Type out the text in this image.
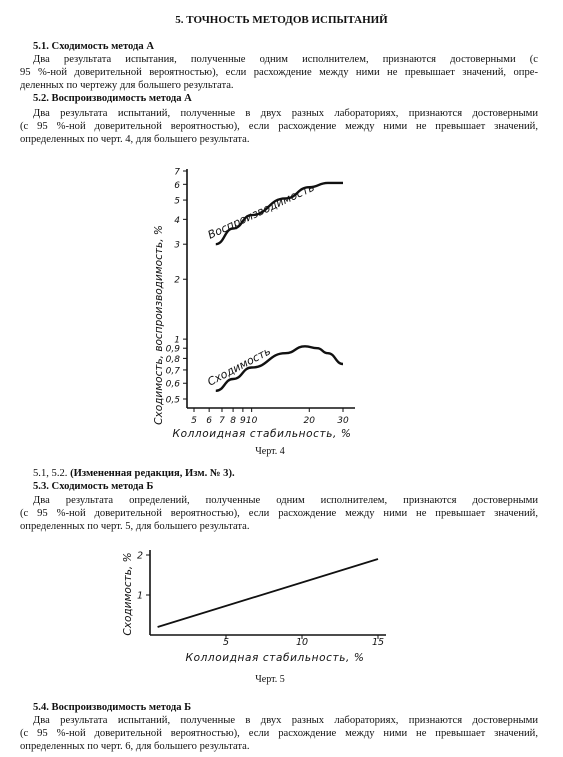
5. ТОЧНОСТЬ МЕТОДОВ ИСПЫТАНИЙ
5.1. Сходимость метода А
Два результата испытания, полученные одним исполнителем, признаются достоверными (с
95 %-ной доверительной вероятностью), если расхождение между ними не превышает значений, опре-
деленных по чертежу для большего результата.
5.2. Воспроизводимость метода А
Два результата испытаний, полученные в двух разных лабораториях, признаются достоверными
(с 95 %-ной доверительной вероятностью), если расхождение между ними не превышает значений,
определенных по черт. 4, для большего результата.
7
6
5
4
3
2
1
0,9
0,8
0,7
0,6
0,5
5 6 7 8 9 10	20 30
Воспроизводимость
Сходимость
Сходимость, воспроизводимость, %
Коллоидная стабильность, %
Черт. 4
5.1, 5.2. (Измененная редакция, Изм. № 3).
5.3. Сходимость метода Б
Два результата определений, полученные одним исполнителем, признаются достоверными
(с 95 %-ной доверительной вероятностью), если расхождение между ними не превышает значений,
определенных по черт. 5, для большего результата.
5	10	15
2
1
Сходимость, %
Коллоидная стабильность, %
Черт. 5
5.4. Воспроизводимость метода Б
Два результата испытаний, полученные в двух разных лабораториях, признаются достоверными
(с 95 %-ной доверительной вероятностью), если расхождение между ними не превышает значений,
определенных по черт. 6, для большего результата.
